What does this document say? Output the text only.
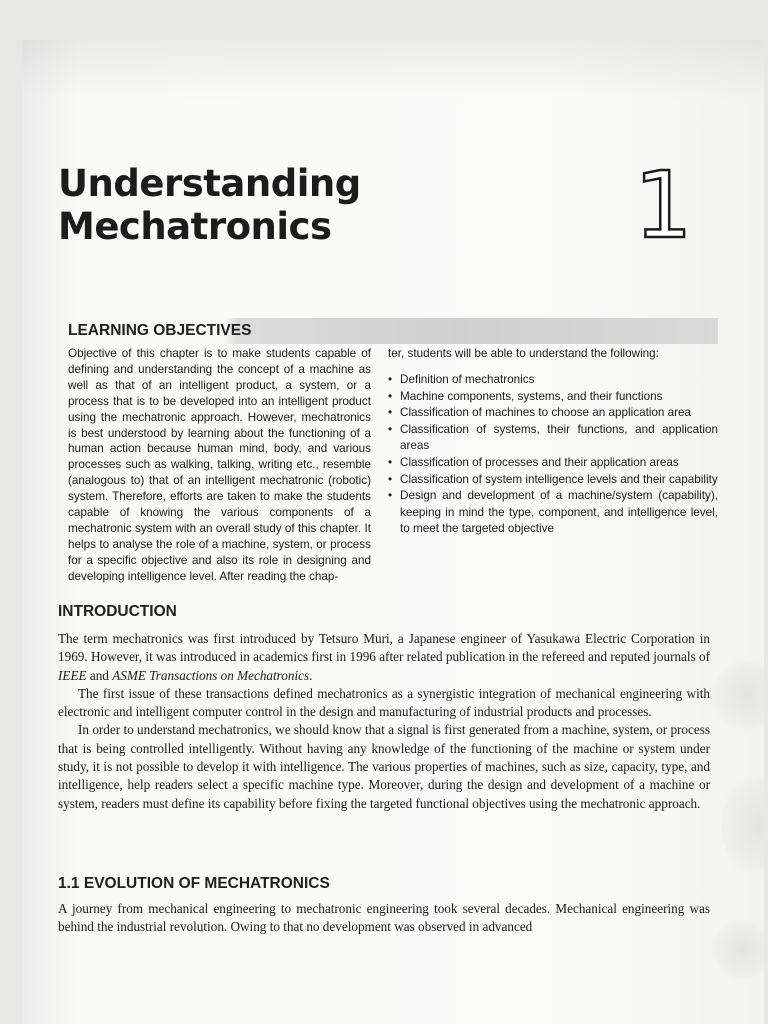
Understanding
Mechatronics	1
LEARNING OBJECTIVES

Objective of this chapter is to make students capable of defining and understanding the concept of a machine as well as that of an intelligent product, a system, or a process that is to be developed into an intelligent product using the mechatronic approach. However, mechatronics is best understood by learning about the functioning of a human action because human mind, body, and various processes such as walking, talking, writing etc., resemble (analogous to) that of an intelligent mechatronic (robotic) system. Therefore, efforts are taken to make the students capable of knowing the various components of a mechatronic system with an overall study of this chapter. It helps to analyse the role of a machine, system, or process for a specific objective and also its role in designing and developing intelligence level. After reading the chap-

ter, students will be able to understand the following:

• Definition of mechatronics
• Machine components, systems, and their functions
• Classification of machines to choose an application area
• Classification of systems, their functions, and application areas
• Classification of processes and their application areas
• Classification of system intelligence levels and their capability
• Design and development of a machine/system (capability), keeping in mind the type, component, and intelligence level, to meet the targeted objective
INTRODUCTION

The term mechatronics was first introduced by Tetsuro Muri, a Japanese engineer of Yasukawa Electric Corporation in 1969. However, it was introduced in academics first in 1996 after related publication in the refereed and reputed journals of IEEE and ASME Transactions on Mechatronics.

The first issue of these transactions defined mechatronics as a synergistic integration of mechanical engineering with electronic and intelligent computer control in the design and manufacturing of industrial products and processes.

In order to understand mechatronics, we should know that a signal is first generated from a machine, system, or process that is being controlled intelligently. Without having any knowledge of the functioning of the machine or system under study, it is not possible to develop it with intelligence. The various properties of machines, such as size, capacity, type, and intelligence, help readers select a specific machine type. Moreover, during the design and development of a machine or system, readers must define its capability before fixing the targeted functional objectives using the mechatronic approach.

1.1 EVOLUTION OF MECHATRONICS

A journey from mechanical engineering to mechatronic engineering took several decades. Mechanical engineering was behind the industrial revolution. Owing to that no development was observed in advanced
